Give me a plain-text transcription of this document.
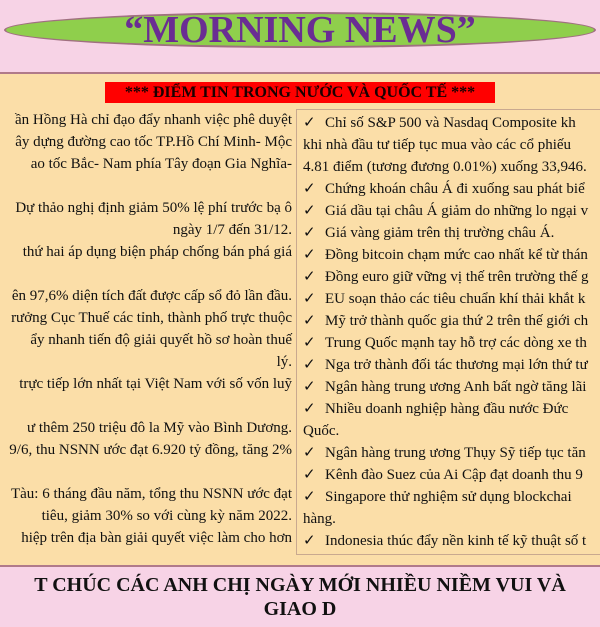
“MORNING NEWS”
*** ĐIỂM TIN TRONG NƯỚC VÀ QUỐC TẾ ***
ần Hồng Hà chỉ đạo đẩy nhanh việc phê duyệt
ây dựng đường cao tốc TP.Hồ Chí Minh- Mộc
ao tốc Bắc- Nam phía Tây đoạn Gia Nghĩa-
Dự thảo nghị định giảm 50% lệ phí trước bạ ô
ngày 1/7 đến 31/12.
thứ hai áp dụng biện pháp chống bán phá giá
ên 97,6% diện tích đất được cấp sổ đỏ lần đầu.
rưởng Cục Thuế các tỉnh, thành phố trực thuộc
ẩy nhanh tiến độ giải quyết hồ sơ hoàn thuế
lý.
trực tiếp lớn nhất tại Việt Nam với số vốn luỹ
ư thêm 250 triệu đô la Mỹ vào Bình Dương.
9/6, thu NSNN ước đạt 6.920 tỷ đồng, tăng 2%
Tàu: 6 tháng đầu năm, tổng thu NSNN ước đạt
tiêu, giảm 30% so với cùng kỳ năm 2022.
hiệp trên địa bàn giải quyết việc làm cho hơn
✓ Chỉ số S&P 500 và Nasdaq Composite kh
khi nhà đầu tư tiếp tục mua vào các cổ phiếu
4.81 điểm (tương đương 0.01%) xuống 33,946.
✓ Chứng khoán châu Á đi xuống sau phát biể
✓ Giá dầu tại châu Á giảm do những lo ngại v
✓ Giá vàng giảm trên thị trường châu Á.
✓ Đồng bitcoin chạm mức cao nhất kể từ thán
✓ Đồng euro giữ vững vị thế trên trường thế g
✓ EU soạn thảo các tiêu chuẩn khí thải khắt k
✓ Mỹ trở thành quốc gia thứ 2 trên thế giới ch
✓ Trung Quốc mạnh tay hỗ trợ các dòng xe th
✓ Nga trở thành đối tác thương mại lớn thứ tư
✓ Ngân hàng trung ương Anh bất ngờ tăng lãi
✓ Nhiều doanh nghiệp hàng đầu nước Đức
Quốc.
✓ Ngân hàng trung ương Thụy Sỹ tiếp tục tăn
✓ Kênh đào Suez của Ai Cập đạt doanh thu 9
✓ Singapore thử nghiệm sử dụng blockchai
hàng.
✓ Indonesia thúc đẩy nền kinh tế kỹ thuật số t
T CHÚC CÁC ANH CHỊ NGÀY MỚI NHIỀU NIỀM VUI VÀ GIAO D
